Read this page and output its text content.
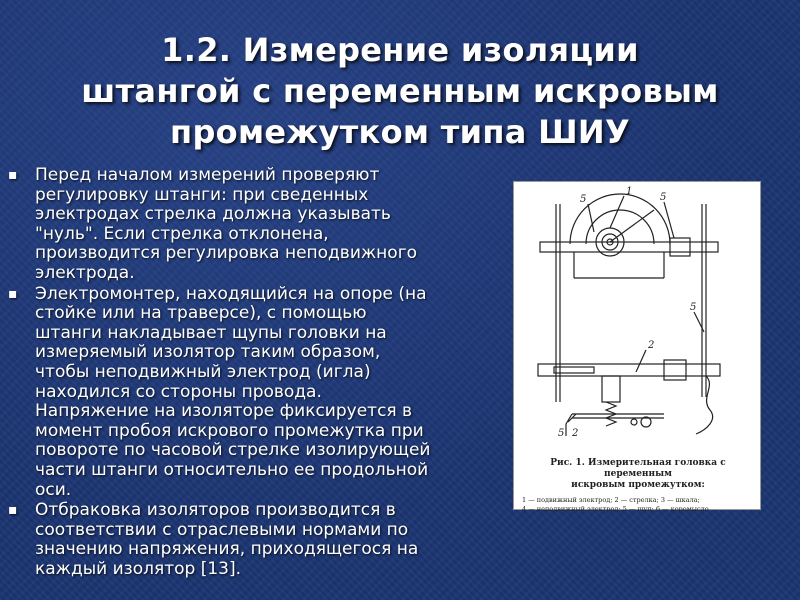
1.2. Измерение изоляции
штангой с переменным искровым
промежутком типа ШИУ
▪ Перед началом измерений проверяют
регулировку штанги: при сведенных
электродах стрелка должна указывать
"нуль". Если стрелка отклонена,
производится регулировка неподвижного
электрода.
▪ Электромонтер, находящийся на опоре (на
стойке или на траверсе), с помощью
штанги накладывает щупы головки на
измеряемый изолятор таким образом,
чтобы неподвижный электрод (игла)
находился со стороны провода.
Напряжение на изоляторе фиксируется в
момент пробоя искрового промежутка при
повороте по часовой стрелке изолирующей
части штанги относительно ее продольной
оси.
▪ Отбраковка изоляторов производится в
соответствии с отраслевыми нормами по
значению напряжения, приходящегося на
каждый изолятор [13].
1
5	5
5
2
5 2
Рис. 1. Измерительная головка с переменным
искровым промежутком:
1 — подвижный электрод; 2 — стрелка; 3 — шкала;
4 — неподвижный электрод; 5 — щуп; 6 — коромысло
